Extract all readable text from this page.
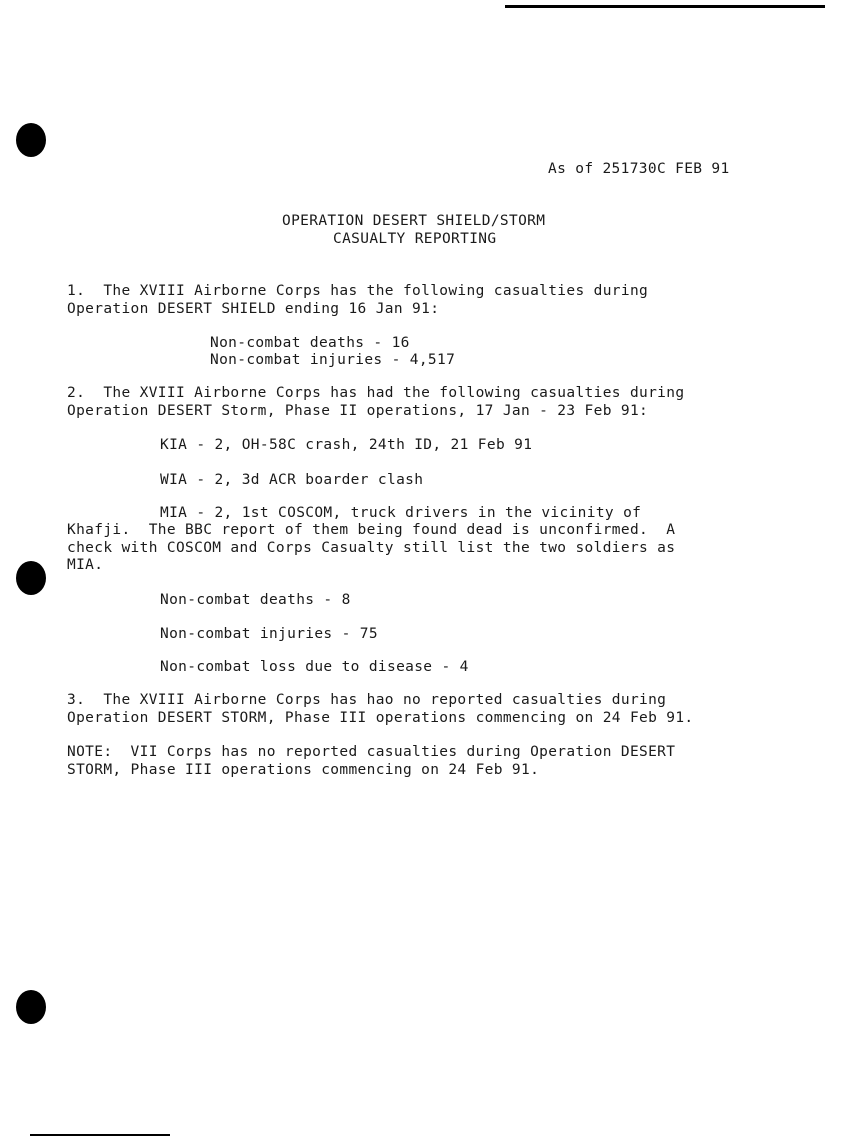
As of 251730C FEB 91
OPERATION DESERT SHIELD/STORM
CASUALTY REPORTING
1.  The XVIII Airborne Corps has the following casualties during
Operation DESERT SHIELD ending 16 Jan 91:
Non-combat deaths - 16
Non-combat injuries - 4,517
2.  The XVIII Airborne Corps has had the following casualties during
Operation DESERT Storm, Phase II operations, 17 Jan - 23 Feb 91:
KIA - 2, OH-58C crash, 24th ID, 21 Feb 91
WIA - 2, 3d ACR boarder clash
MIA - 2, 1st COSCOM, truck drivers in the vicinity of
Khafji.  The BBC report of them being found dead is unconfirmed.  A
check with COSCOM and Corps Casualty still list the two soldiers as
MIA.
Non-combat deaths - 8
Non-combat injuries - 75
Non-combat loss due to disease - 4
3.  The XVIII Airborne Corps has hao no reported casualties during
Operation DESERT STORM, Phase III operations commencing on 24 Feb 91.
NOTE:  VII Corps has no reported casualties during Operation DESERT
STORM, Phase III operations commencing on 24 Feb 91.
